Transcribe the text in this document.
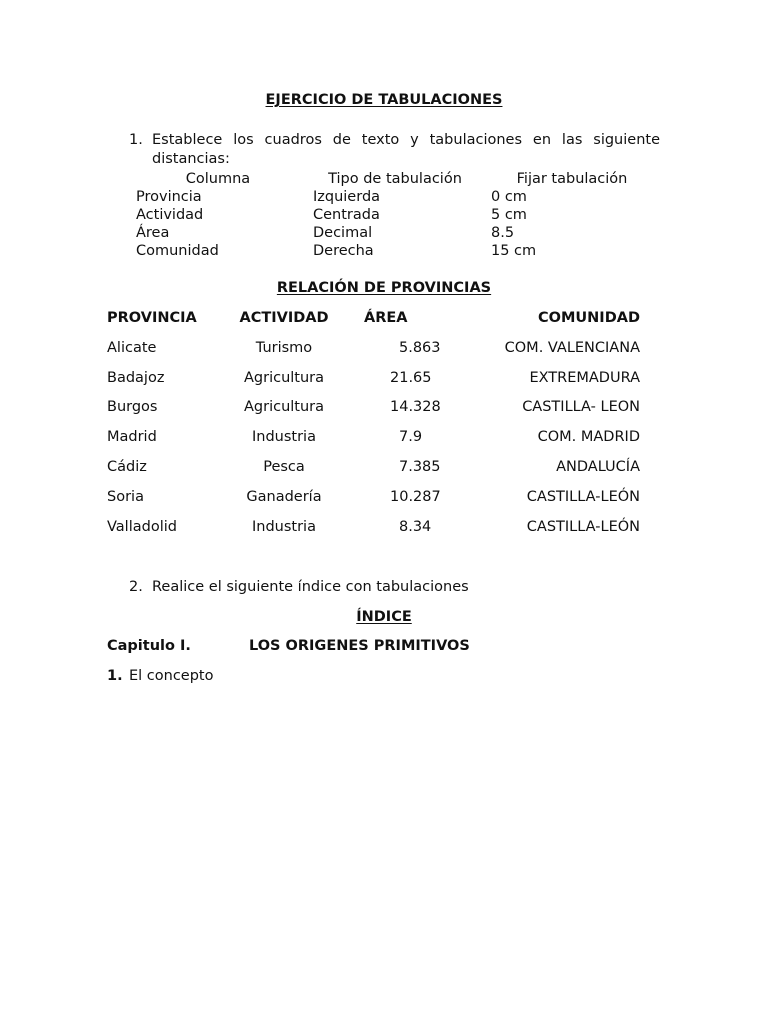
EJERCICIO DE TABULACIONES
1. Establece los cuadros de texto y tabulaciones en las siguiente
distancias:
Columna	Tipo de tabulación	Fijar tabulación
Provincia	Izquierda	0 cm
Actividad	Centrada	5 cm
Área	Decimal	8.5
Comunidad	Derecha	15 cm
RELACIÓN DE PROVINCIAS
PROVINCIA	ACTIVIDAD	ÁREA	COMUNIDAD
Alicate	Turismo	5.863	COM. VALENCIANA
Badajoz	Agricultura	21.65	EXTREMADURA
Burgos	Agricultura	14.328	CASTILLA- LEON
Madrid	Industria	7.9	COM. MADRID
Cádiz	Pesca	7.385	ANDALUCÍA
Soria	Ganadería	10.287	CASTILLA-LEÓN
Valladolid	Industria	8.34	CASTILLA-LEÓN
2. Realice el siguiente índice con tabulaciones
ÍNDICE
Capitulo I.	LOS ORIGENES PRIMITIVOS
1. El concepto
